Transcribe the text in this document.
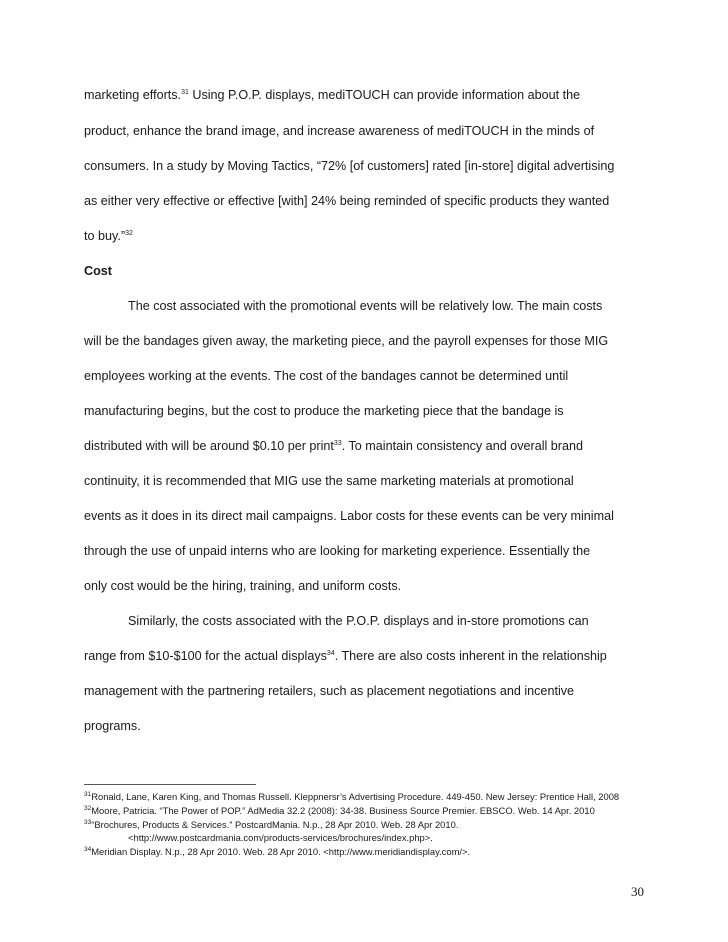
marketing efforts.$^{31}$ Using P.O.P. displays, mediTOUCH can provide information about the
product, enhance the brand image, and increase awareness of mediTOUCH in the minds of
consumers. In a study by Moving Tactics, “72% [of customers] rated [in-store] digital advertising
as either very effective or effective [with] 24% being reminded of specific products they wanted
to buy.”$^{32}$
Cost
The cost associated with the promotional events will be relatively low. The main costs
will be the bandages given away, the marketing piece, and the payroll expenses for those MIG
employees working at the events. The cost of the bandages cannot be determined until
manufacturing begins, but the cost to produce the marketing piece that the bandage is
distributed with will be around $0.10 per print$^{33}$. To maintain consistency and overall brand
continuity, it is recommended that MIG use the same marketing materials at promotional
events as it does in its direct mail campaigns. Labor costs for these events can be very minimal
through the use of unpaid interns who are looking for marketing experience. Essentially the
only cost would be the hiring, training, and uniform costs.
Similarly, the costs associated with the P.O.P. displays and in-store promotions can
range from $10-$100 for the actual displays$^{34}$. There are also costs inherent in the relationship
management with the partnering retailers, such as placement negotiations and incentive
programs.
$^{31}$Ronald, Lane, Karen King, and Thomas Russell. Kleppnersr’s Advertising Procedure. 449-450. New Jersey: Prentice Hall, 2008
$^{32}$Moore, Patricia. “The Power of POP.” AdMedia 32.2 (2008): 34-38. Business Source Premier. EBSCO. Web. 14 Apr. 2010
$^{33}$“Brochures, Products & Services.” PostcardMania. N.p., 28 Apr 2010. Web. 28 Apr 2010.
<http://www.postcardmania.com/products-services/brochures/index.php>.
$^{34}$Meridian Display. N.p., 28 Apr 2010. Web. 28 Apr 2010. <http://www.meridiandisplay.com/>.
30
